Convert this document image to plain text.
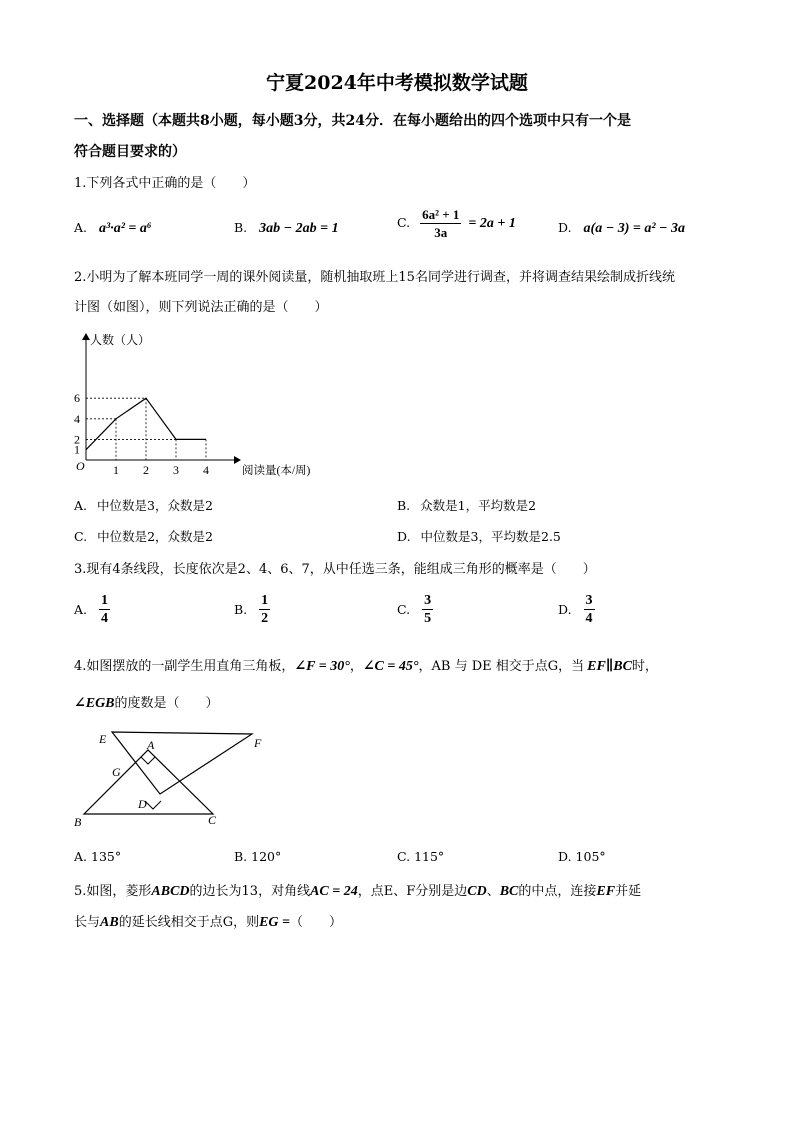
宁夏2024年中考模拟数学试题
一、选择题（本题共8小题，每小题3分，共24分．在每小题给出的四个选项中只有一个是
符合题目要求的）
1.下列各式中正确的是（　　）
A. a³·a² = a⁶	B. 3ab − 2ab = 1	C. $\frac{\text{6a² + 1}}{3a} = 2a + 1$	D. a(a − 3) = a² − 3a
2.小明为了解本班同学一周的课外阅读量，随机抽取班上15名同学进行调查，并将调查结果绘制成折线统
计图（如图），则下列说法正确的是（　　）
人数（人）
阅读量(本/周)
O 1 2 3 4
1
2
4
6
A. 中位数是3，众数是2	B. 众数是1，平均数是2
C. 中位数是2，众数是2	D. 中位数是3，平均数是2.5
3.现有4条线段，长度依次是2、4、6、7，从中任选三条，能组成三角形的概率是（　　）
A. $\frac{1}{4}$	B. $\frac{1}{2}$	C. $\frac{3}{5}$	D. $\frac{3}{4}$
4.如图摆放的一副学生用直角三角板，∠F = 30°，∠C = 45°，AB 与 DE 相交于点G，当 EF∥BC时，
∠EGB的度数是（　　）
E	A	F
G
D
B	C
A. 135°	B. 120°	C. 115°	D. 105°
5.如图，菱形ABCD的边长为13，对角线AC = 24，点E、F分别是边CD、BC的中点，连接EF并延
长与AB的延长线相交于点G，则EG =（　　）
